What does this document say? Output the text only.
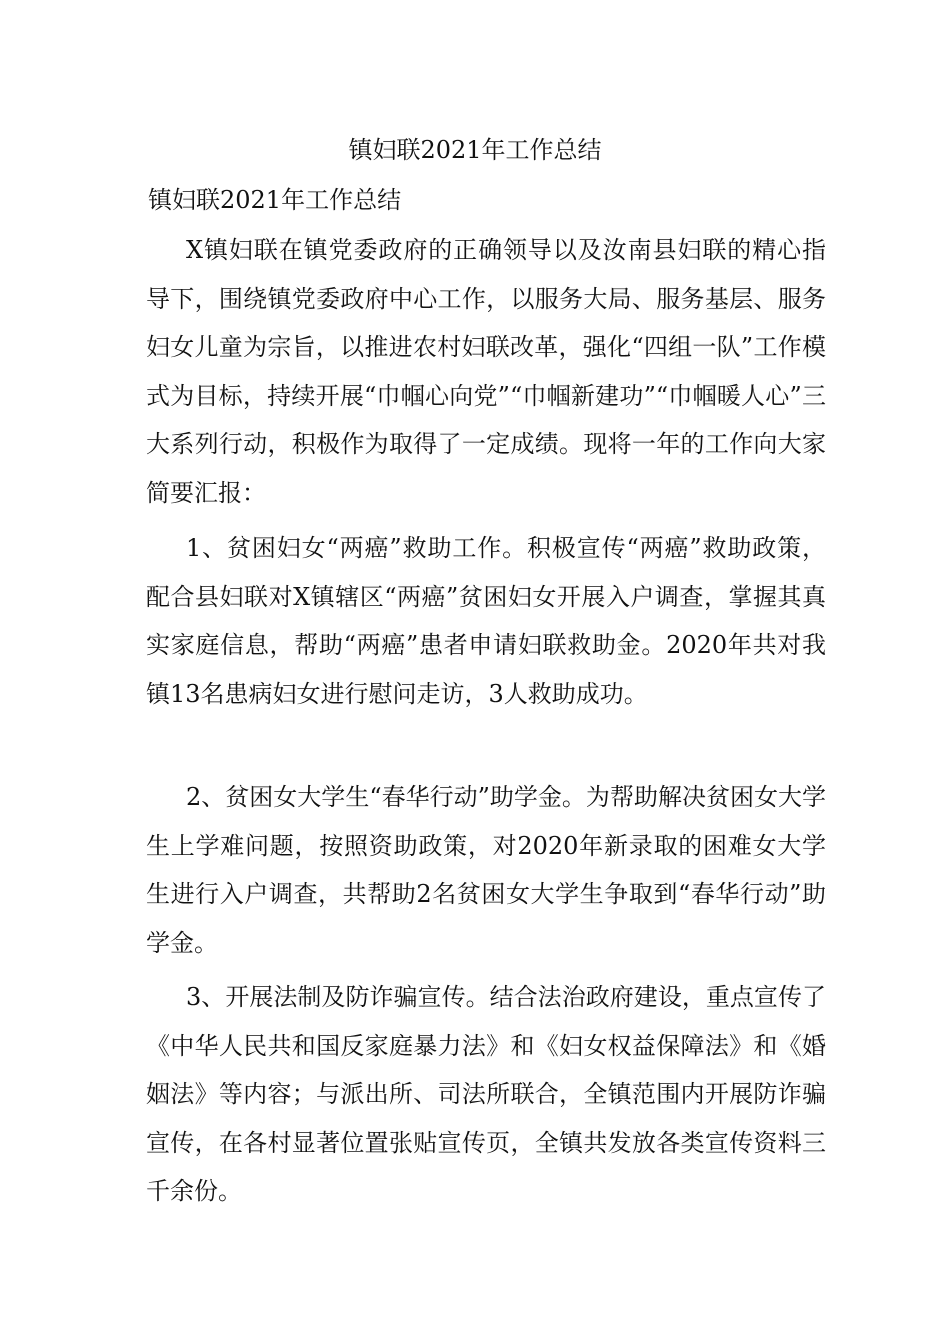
镇妇联2021年工作总结

镇妇联2021年工作总结

X镇妇联在镇党委政府的正确领导以及汝南县妇联的精心指导下，围绕镇党委政府中心工作，以服务大局、服务基层、服务妇女儿童为宗旨，以推进农村妇联改革，强化“四组一队”工作模式为目标，持续开展“巾帼心向党”“巾帼新建功”“巾帼暖人心”三大系列行动，积极作为取得了一定成绩。现将一年的工作向大家简要汇报：

1、贫困妇女“两癌”救助工作。积极宣传“两癌”救助政策，配合县妇联对X镇辖区“两癌”贫困妇女开展入户调查，掌握其真实家庭信息，帮助“两癌”患者申请妇联救助金。2020年共对我镇13名患病妇女进行慰问走访，3人救助成功。

2、贫困女大学生“春华行动”助学金。为帮助解决贫困女大学生上学难问题，按照资助政策，对2020年新录取的困难女大学生进行入户调查，共帮助2名贫困女大学生争取到“春华行动”助学金。

3、开展法制及防诈骗宣传。结合法治政府建设，重点宣传了《中华人民共和国反家庭暴力法》和《妇女权益保障法》和《婚姻法》等内容；与派出所、司法所联合，全镇范围内开展防诈骗宣传，在各村显著位置张贴宣传页，全镇共发放各类宣传资料三千余份。
